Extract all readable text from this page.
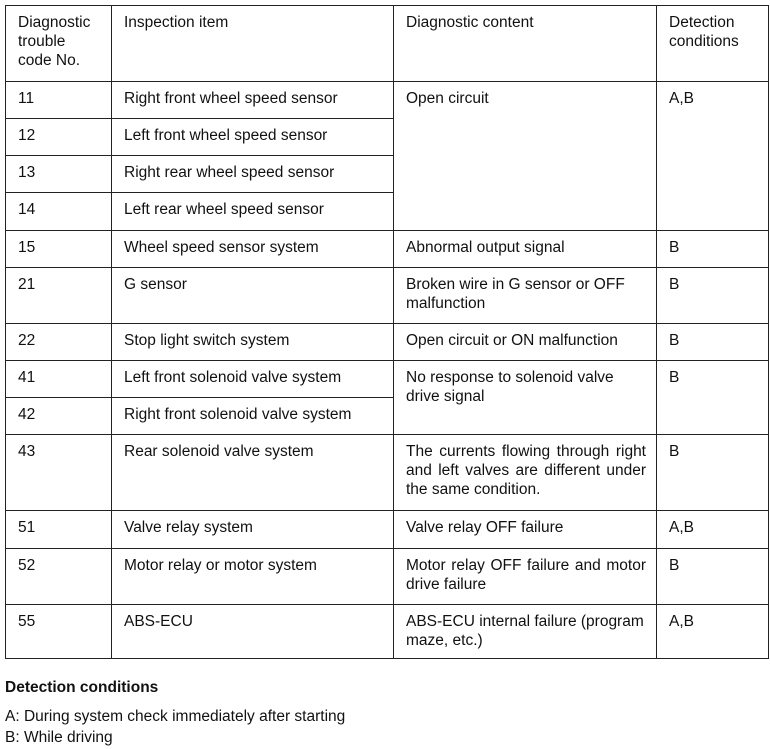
Diagnostic trouble code No.	Inspection item	Diagnostic content	Detection conditions
11	Right front wheel speed sensor	Open circuit	A,B
12	Left front wheel speed sensor		
13	Right rear wheel speed sensor		
14	Left rear wheel speed sensor		
15	Wheel speed sensor system	Abnormal output signal	B
21	G sensor	Broken wire in G sensor or OFF malfunction	B
22	Stop light switch system	Open circuit or ON malfunction	B
41	Left front solenoid valve system	No response to solenoid valve drive signal	B
42	Right front solenoid valve system		
43	Rear solenoid valve system	The currents flowing through right and left valves are different under the same condition.	B
51	Valve relay system	Valve relay OFF failure	A,B
52	Motor relay or motor system	Motor relay OFF failure and motor drive failure	B
55	ABS-ECU	ABS-ECU internal failure (program maze, etc.)	A,B
Detection conditions
A: During system check immediately after starting
B: While driving
